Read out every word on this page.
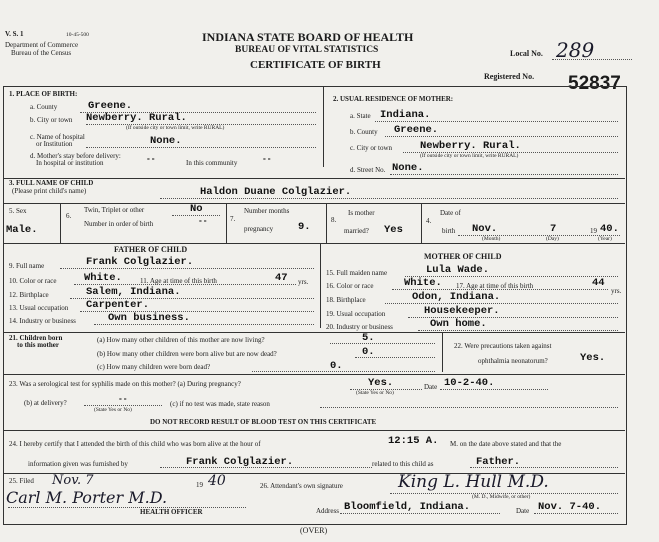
V. S. 1	10-45-500
Department of Commerce
Bureau of the Census
INDIANA STATE BOARD OF HEALTH
BUREAU OF VITAL STATISTICS
CERTIFICATE OF BIRTH
Local No. 289
Registered No. 52837
1. PLACE OF BIRTH:
a. County	Greene.
b. City or town Newberry. Rural.
(If outside city or town limit, write RURAL)
c. Name of hospital
or Institution	None.
d. Mother's stay before delivery:
In hospital or institution	--	In this community	--
2. USUAL RESIDENCE OF MOTHER:
a. State Indiana.
b. County Greene.
c. City or town	Newberry. Rural.
(If outside city or town limit, write RURAL)
d. Street No. None.
3. FULL NAME OF CHILD
(Please print child's name)	Haldon Duane Colglazier.
5. Sex
Male.
6.
Twin, Triplet or other	No
Number in order of birth	--	7.
Number months
pregnancy 9.
8.
Is mother
married? Yes
4.
Date of
birth Nov.	7	19 40.
(Month)	(Day)	(Year)
FATHER OF CHILD
9. Full name	Frank Colglazier.
10. Color or race	White.	11. Age at time of this birth	47 yrs.
12. Birthplace	Salem, Indiana.
13. Usual occupation Carpenter.
14. Industry or business	Own business.
MOTHER OF CHILD
15. Full maiden name	Lula Wade.
16. Color or race	White. 17. Age at time of this birth	44
yrs.
18. Birthplace	Odon, Indiana.
19. Usual occupation	Housekeeper.
20. Industry or business	Own home.
21. Children born
to this mother
(a) How many other children of this mother are now living?	5.
(b) How many other children were born alive but are now dead?	0.
(c) How many children were born dead?	0.
22. Were precautions taken against
ophthalmia neonatorum?	Yes.
23. Was a serological test for syphilis made on this mother? (a) During pregnancy?	Yes.
(State Yes or No)
Date 10-2-40.
(b) at delivery?	--
(State Yes or No)
(c) if no test was made, state reason
DO NOT RECORD RESULT OF BLOOD TEST ON THIS CERTIFICATE
24. I hereby certify that I attended the birth of this child who was born alive at the hour of	12:15 A. M. on the date above stated and that the
information given was furnished by	Frank Colglazier.	related to this child as	Father.
25. Filed Nov. 7	19 40
Carl M. Porter M.D.
HEALTH OFFICER
26. Attendant's own signature	King L. Hull M.D.
(M. D., Midwife, or other)
Address Bloomfield, Indiana.	Date Nov. 7-40.
(OVER)
